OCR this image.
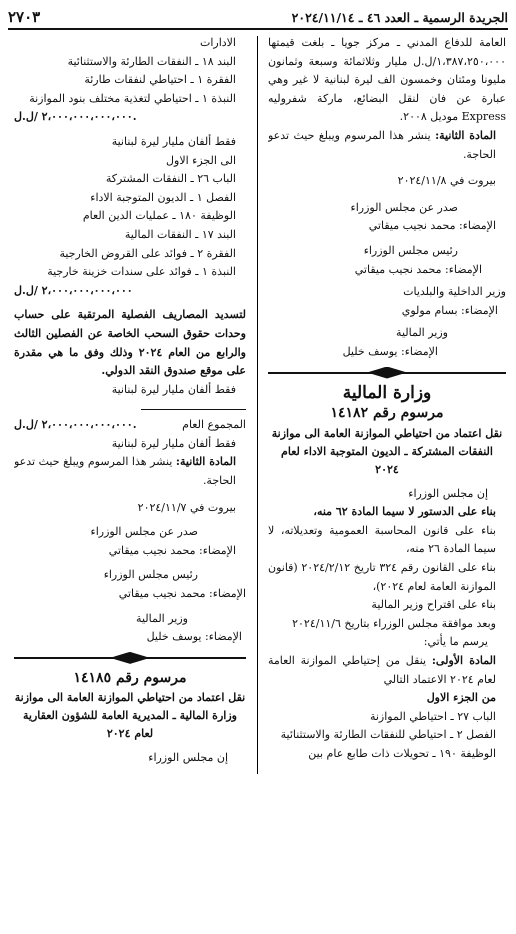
الجريدة الرسمية ـ العدد ٤٦ ـ ٢٠٢٤/١١/١٤
٢٧٠٣

العامة للدفاع المدني ـ مركز جويا ـ بلغت قيمتها ١،٣٨٧،٢٥٠،٠٠٠/ل.ل مليار وثلاثمائة وسبعة وثمانون مليونا ومئتان وخمسون الف ليرة لبنانية لا غير وهي عبارة عن فان لنقل البضائع، ماركة شفروليه Express موديل ٢٠٠٨.

المادة الثانية: ينشر هذا المرسوم ويبلغ حيث تدعو الحاجة.

بيروت في ٢٠٢٤/١١/٨

صدر عن مجلس الوزراء

الإمضاء: محمد نجيب ميقاتي

رئيس مجلس الوزراء

الإمضاء: محمد نجيب ميقاتي

وزير الداخلية والبلديات

الإمضاء: بسام مولوي

وزير المالية

الإمضاء: يوسف خليل

وزارة المالية
مرسوم رقم ١٤١٨٢
نقل اعتماد من احتياطي الموازنة العامة الى موازنة النفقات المشتركة ـ الديون المتوجبة الاداء لعام ٢٠٢٤

إن مجلس الوزراء

بناء على الدستور لا سيما المادة ٦٢ منه،

بناء على قانون المحاسبة العمومية وتعديلاته، لا سيما المادة ٢٦ منه،

بناء على القانون رقم ٣٢٤ تاريخ ٢٠٢٤/٢/١٢ (قانون الموازنة العامة لعام ٢٠٢٤)،

بناء على اقتراح وزير المالية

وبعد موافقة مجلس الوزراء بتاريخ ٢٠٢٤/١١/٦

يرسم ما يأتي:

المادة الأولى: ينقل من إحتياطي الموازنة العامة لعام ٢٠٢٤ الاعتماد التالي

من الجزء الاول

الباب ٢٧ ـ احتياطي الموازنة

الفصل ٢ ـ احتياطي للنفقات الطارئة والاستثنائية

الوظيفة ١٩٠ ـ تحويلات ذات طابع عام بين

الادارات

البند ١٨ ـ النفقات الطارئة والاستثنائية

الفقرة ١ ـ احتياطي لنفقات طارئة

النبذة ١ ـ احتياطي لتغذية مختلف بنود الموازنة

٢،٠٠٠،٠٠٠،٠٠٠،٠٠٠ /ل.ل.

فقط ألفان مليار ليرة لبنانية

الى الجزء الاول

الباب ٢٦ ـ النفقات المشتركة

الفصل ١ ـ الديون المتوجبة الاداء

الوظيفة ١٨٠ ـ عمليات الدين العام

البند ١٧ ـ النفقات المالية

الفقرة ٢ ـ فوائد على القروض الخارجية

النبذة ١ ـ فوائد على سندات خزينة خارجية

٢،٠٠٠،٠٠٠،٠٠٠،٠٠٠ /ل.ل

لتسديد المصاريف الفصلية المرتقبة على حساب وحدات حقوق السحب الخاصة عن الفصلين الثالث والرابع من العام ٢٠٢٤ وذلك وفق ما هي مقدرة على موقع صندوق النقد الدولي.

فقط ألفان مليار ليرة لبنانية

المجموع العام
٢،٠٠٠،٠٠٠،٠٠٠،٠٠٠ /ل.ل.

فقط ألفان مليار ليرة لبنانية

المادة الثانية: ينشر هذا المرسوم ويبلغ حيث تدعو الحاجة.

بيروت في ٢٠٢٤/١١/٧

صدر عن مجلس الوزراء

الإمضاء: محمد نجيب ميقاتي

رئيس مجلس الوزراء

الإمضاء: محمد نجيب ميقاتي

وزير المالية

الإمضاء: يوسف خليل

مرسوم رقم ١٤١٨٥
نقل اعتماد من احتياطي الموازنة العامة الى موازنة وزارة المالية ـ المديرية العامة للشؤون العقارية لعام ٢٠٢٤

إن مجلس الوزراء
